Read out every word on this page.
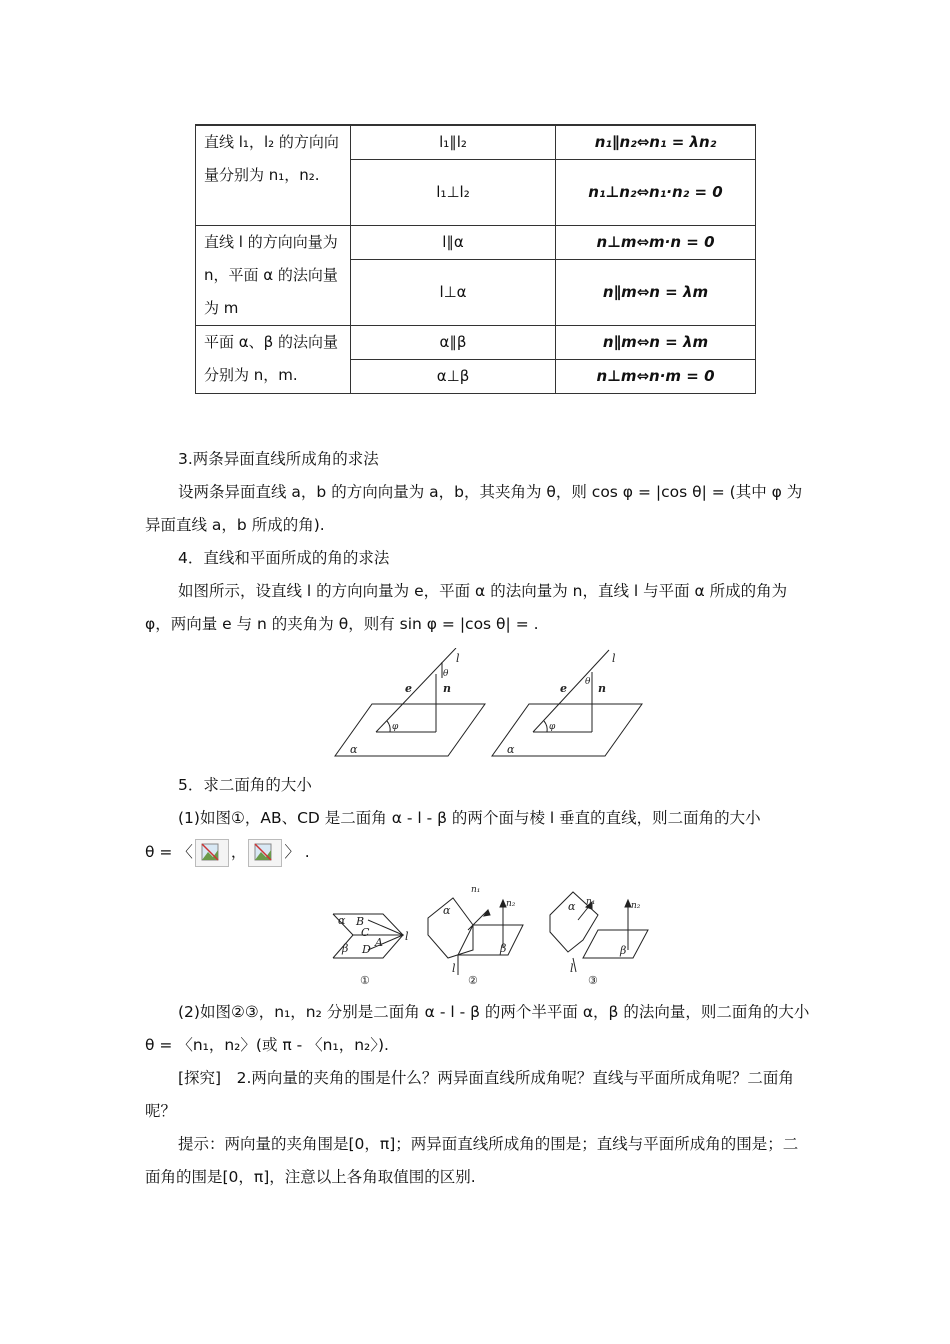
直线 l₁，l₂ 的方向向量分别为 n₁，n₂.	l₁∥l₂	n₁∥n₂⇔n₁ = λn₂
	l₁⊥l₂	n₁⊥n₂⇔n₁·n₂ = 0
直线 l 的方向向量为 n，平面 α 的法向量为 m	l∥α	n⊥m⇔m·n = 0
	l⊥α	n∥m⇔n = λm
平面 α、β 的法向量分别为 n，m.	α∥β	n∥m⇔n = λm
	α⊥β	n⊥m⇔n·m = 0
3.两条异面直线所成角的求法
设两条异面直线 a，b 的方向向量为 a，b，其夹角为 θ，则 cos φ = |cos θ| = (其中 φ 为异面直线 a，b 所成的角).
4．直线和平面所成的角的求法
如图所示，设直线 l 的方向向量为 e，平面 α 的法向量为 n，直线 l 与平面 α 所成的角为 φ，两向量 e 与 n 的夹角为 θ，则有 sin φ = |cos θ| = .
l
θ
e	n
φ
α
l
θ
e	n
φ
α
5．求二面角的大小
(1)如图①，AB、CD 是二面角 α - l - β 的两个面与棱 l 垂直的直线，则二面角的大小
θ = 〈 ， 〉 .
α B
C
β D
A l
n₁
n₂
α
β
l
n₁	n₂
α
β
l
①	②	③
(2)如图②③，n₁，n₂ 分别是二面角 α - l - β 的两个半平面 α，β 的法向量，则二面角的大小 θ = 〈n₁，n₂〉(或 π - 〈n₁，n₂〉).
[探究]　2.两向量的夹角的围是什么？两异面直线所成角呢？直线与平面所成角呢？二面角呢？
提示：两向量的夹角围是[0，π]；两异面直线所成角的围是；直线与平面所成角的围是；二面角的围是[0，π]，注意以上各角取值围的区别.
